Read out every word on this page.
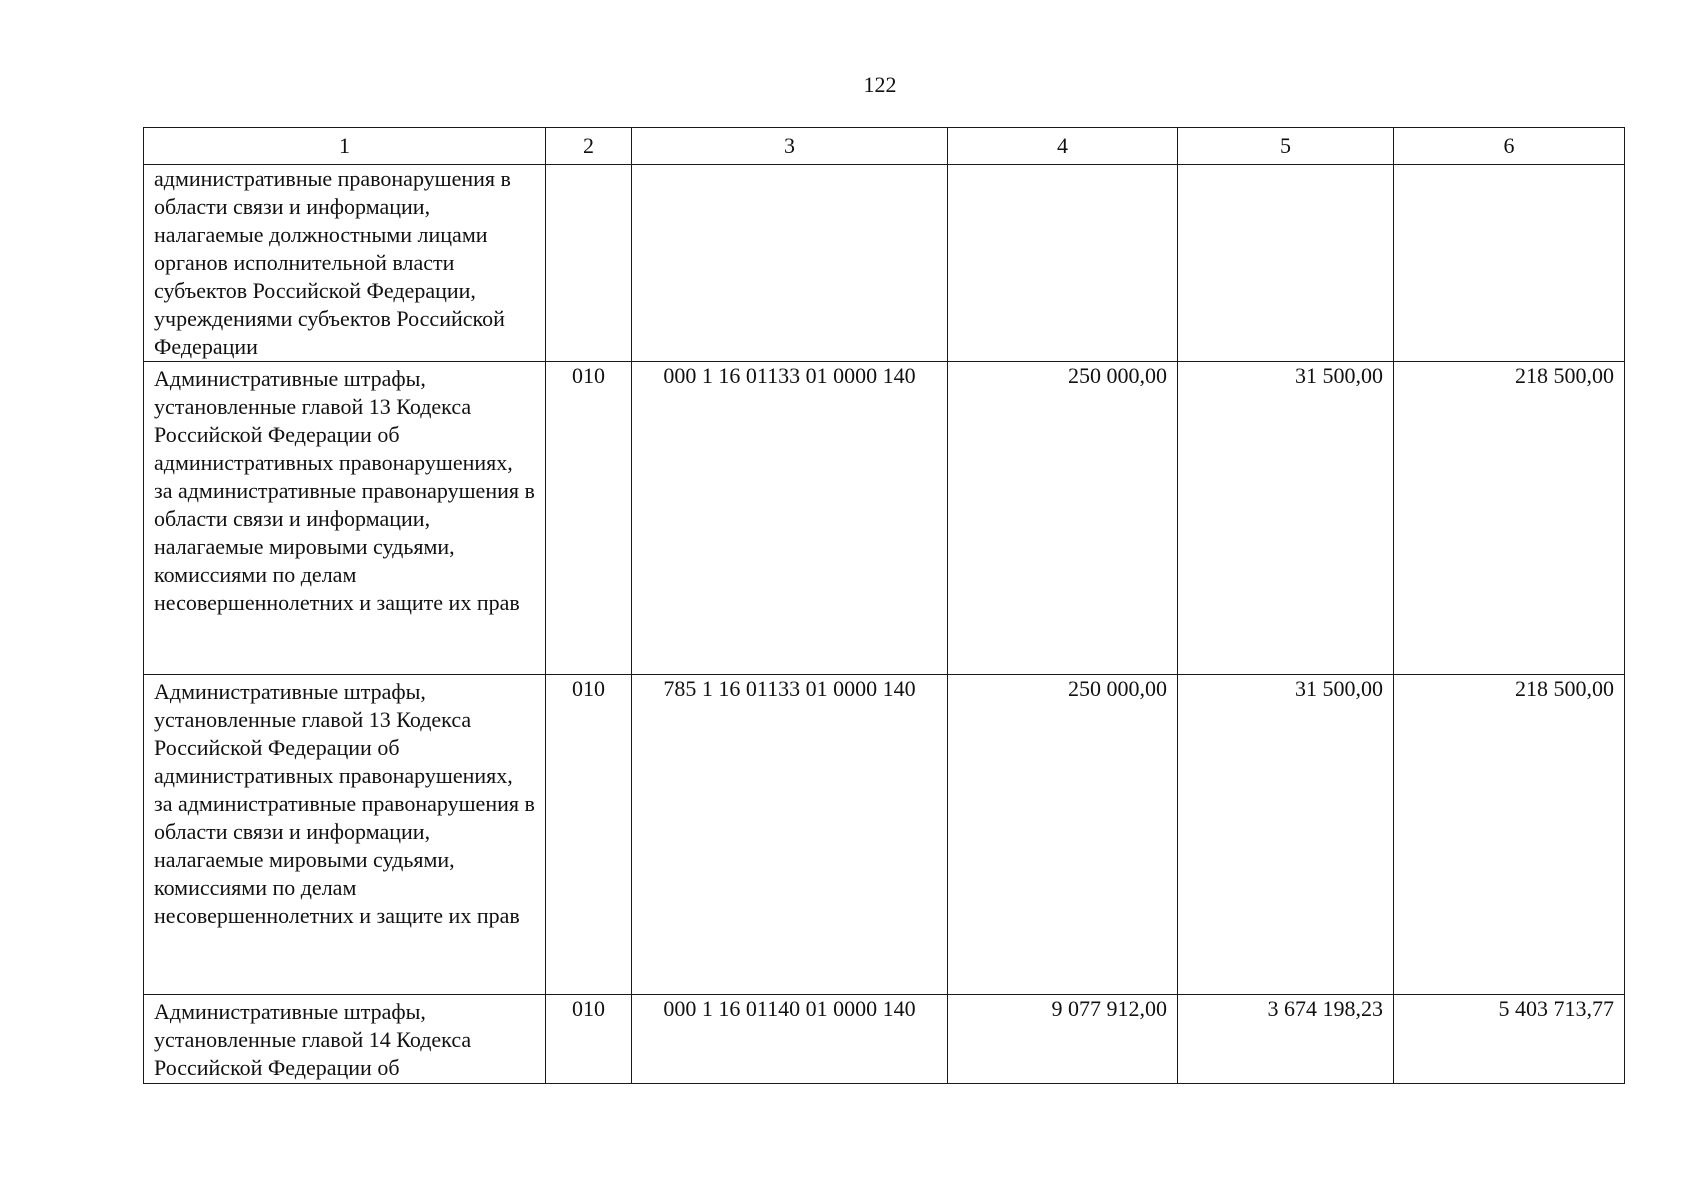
122
1	2	3	4	5	6
административные правонарушения в области связи и информации, налагаемые должностными лицами органов исполнительной власти субъектов Российской Федерации, учреждениями субъектов Российской Федерации					
Административные штрафы, установленные главой 13 Кодекса Российской Федерации об административных правонарушениях, за административные правонарушения в области связи и информации, налагаемые мировыми судьями, комиссиями по делам несовершеннолетних и защите их прав	010	000 1 16 01133 01 0000 140	250 000,00	31 500,00	218 500,00
Административные штрафы, установленные главой 13 Кодекса Российской Федерации об административных правонарушениях, за административные правонарушения в области связи и информации, налагаемые мировыми судьями, комиссиями по делам несовершеннолетних и защите их прав	010	785 1 16 01133 01 0000 140	250 000,00	31 500,00	218 500,00
Административные штрафы, установленные главой 14 Кодекса Российской Федерации об	010	000 1 16 01140 01 0000 140	9 077 912,00	3 674 198,23	5 403 713,77
